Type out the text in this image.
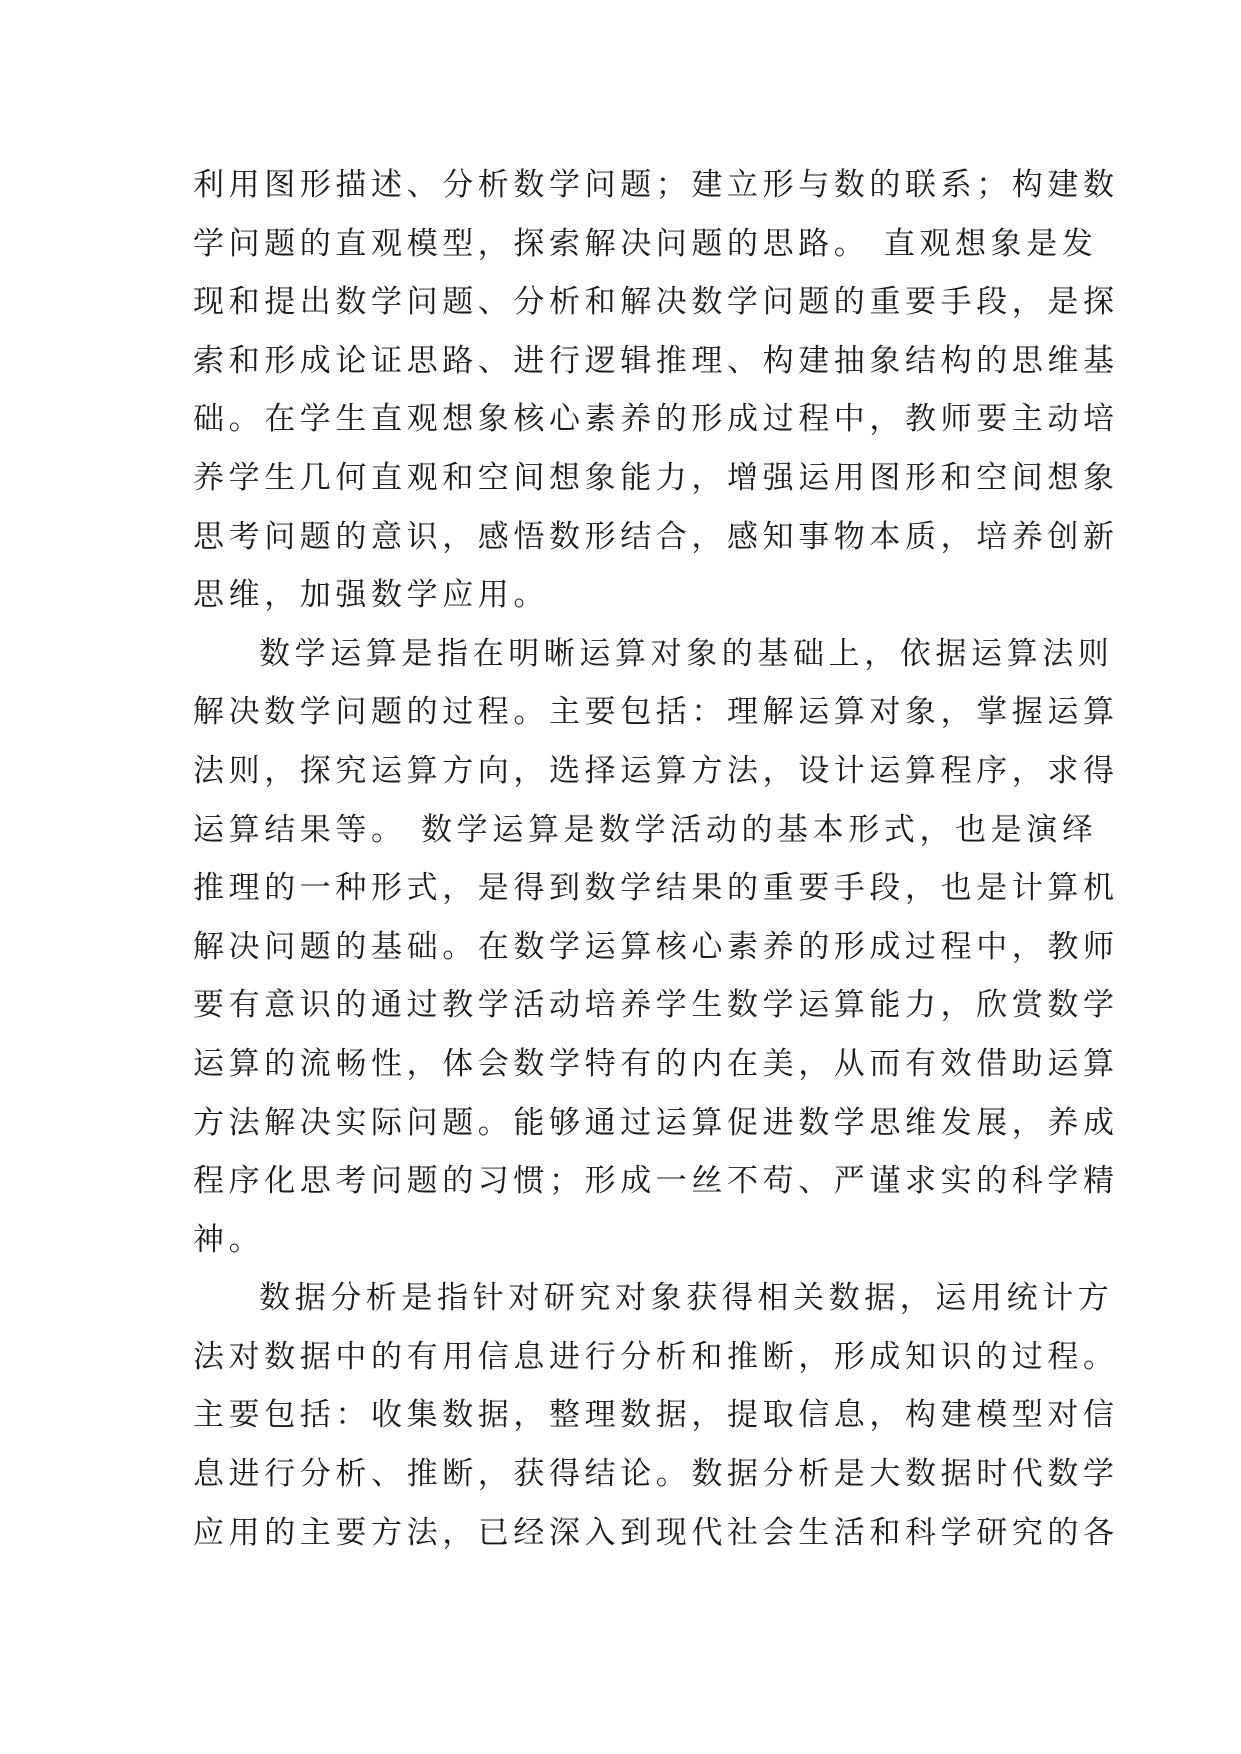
利用图形描述、分析数学问题；建立形与数的联系；构建数
学问题的直观模型，探索解决问题的思路。 直观想象是发
现和提出数学问题、分析和解决数学问题的重要手段，是探
索和形成论证思路、进行逻辑推理、构建抽象结构的思维基
础。在学生直观想象核心素养的形成过程中，教师要主动培
养学生几何直观和空间想象能力，增强运用图形和空间想象
思考问题的意识，感悟数形结合，感知事物本质，培养创新
思维，加强数学应用。
数学运算是指在明晰运算对象的基础上，依据运算法则
解决数学问题的过程。主要包括：理解运算对象，掌握运算
法则，探究运算方向，选择运算方法，设计运算程序，求得
运算结果等。 数学运算是数学活动的基本形式，也是演绎
推理的一种形式，是得到数学结果的重要手段，也是计算机
解决问题的基础。在数学运算核心素养的形成过程中，教师
要有意识的通过教学活动培养学生数学运算能力，欣赏数学
运算的流畅性，体会数学特有的内在美，从而有效借助运算
方法解决实际问题。能够通过运算促进数学思维发展，养成
程序化思考问题的习惯；形成一丝不苟、严谨求实的科学精
神。
数据分析是指针对研究对象获得相关数据，运用统计方
法对数据中的有用信息进行分析和推断，形成知识的过程。
主要包括：收集数据，整理数据，提取信息，构建模型对信
息进行分析、推断，获得结论。数据分析是大数据时代数学
应用的主要方法，已经深入到现代社会生活和科学研究的各
